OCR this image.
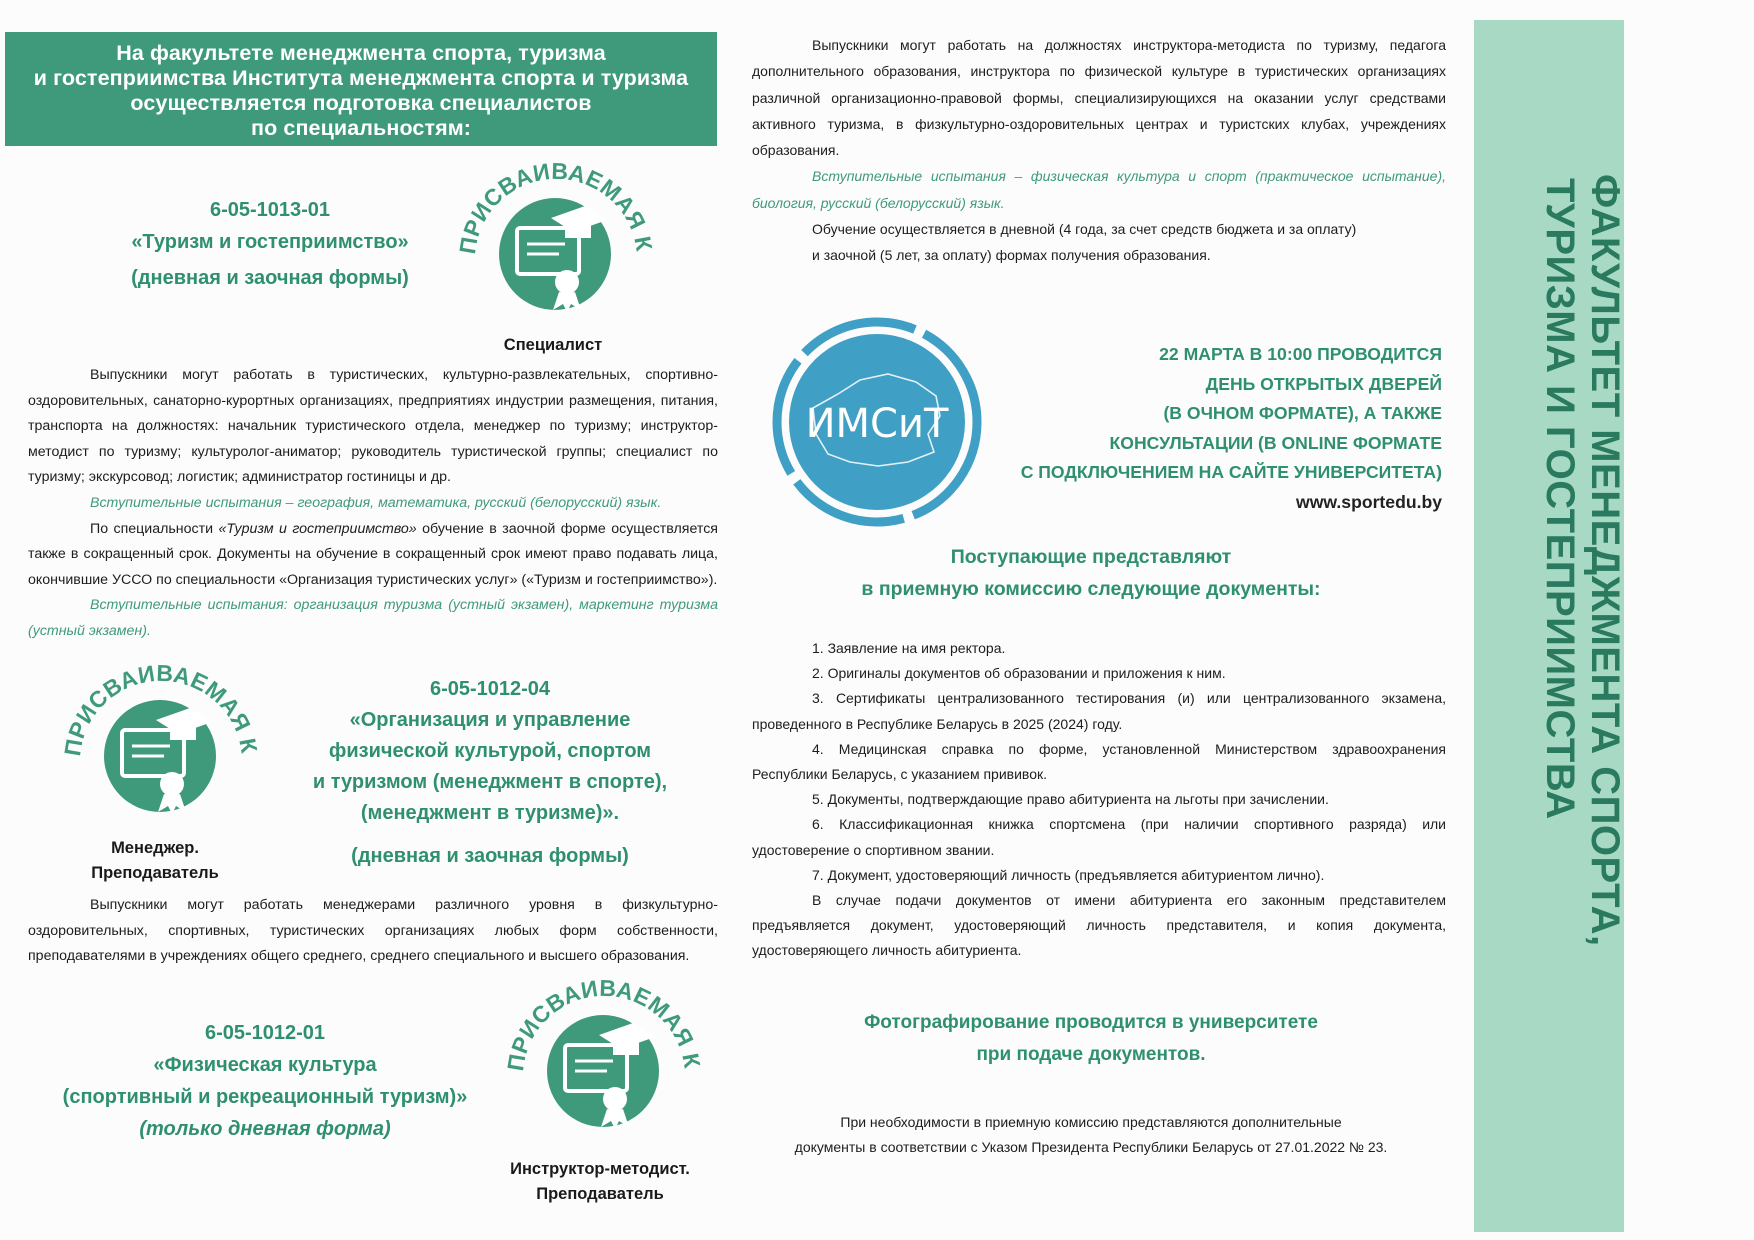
На факультете менеджмента спорта, туризма
и гостеприимства Института менеджмента спорта и туризма
осуществляется подготовка специалистов
по специальностям:
6-05-1013-01
«Туризм и гостеприимство»
(дневная и заочная формы)
ПРИСВАИВАЕМАЯ К
Специалист

Выпускники могут работать в туристических, культурно-развлекательных, спортивно-оздоровительных, санаторно-курортных организациях, предприятиях индустрии размещения, питания, транспорта на должностях: начальник туристического отдела, менеджер по туризму; инструктор-методист по туризму; культуролог-аниматор; руководитель туристической группы; специалист по туризму; экскурсовод; логистик; администратор гостиницы и др.

Вступительные испытания – география, математика, русский (белорусский) язык.

По специальности «Туризм и гостеприимство» обучение в заочной форме осуществляется также в сокращенный срок. Документы на обучение в сокращенный срок имеют право подавать лица, окончившие УССО по специальности «Организация туристических услуг» («Туризм и гостеприимство»).

Вступительные испытания: организация туризма (устный экзамен), маркетинг туризма (устный экзамен).

ПРИСВАИВАЕМАЯ К
Менеджер.
Преподаватель
6-05-1012-04
«Организация и управление
физической культурой, спортом
и туризмом (менеджмент в спорте),
(менеджмент в туризме)».
(дневная и заочная формы)

Выпускники могут работать менеджерами различного уровня в физкультурно-оздоровительных, спортивных, туристических организациях любых форм собственности, преподавателями в учреждениях общего среднего, среднего специального и высшего образования.

6-05-1012-01
«Физическая культура
(спортивный и рекреационный туризм)»
(только дневная форма)
ПРИСВАИВАЕМАЯ К
Инструктор-методист.
Преподаватель

Выпускники могут работать на должностях инструктора-методиста по туризму, педагога дополнительного образования, инструктора по физической культуре в туристических организациях различной организационно-правовой формы, специализирующихся на оказании услуг средствами активного туризма, в физкультурно-оздоровительных центрах и туристских клубах, учреждениях образования.

Вступительные испытания – физическая культура и спорт (практическое испытание), биология, русский (белорусский) язык.

Обучение осуществляется в дневной (4 года, за счет средств бюджета и за оплату)
и заочной (5 лет, за оплату) формах получения образования.

ИМСиТ
22 МАРТА В 10:00 ПРОВОДИТСЯ
ДЕНЬ ОТКРЫТЫХ ДВЕРЕЙ
(В ОЧНОМ ФОРМАТЕ), А ТАКЖЕ
КОНСУЛЬТАЦИИ (В ONLINE ФОРМАТЕ
С ПОДКЛЮЧЕНИЕМ НА САЙТЕ УНИВЕРСИТЕТА)
www.sportedu.by
Поступающие представляют
в приемную комиссию следующие документы:

1. Заявление на имя ректора.

2. Оригиналы документов об образовании и приложения к ним.

3. Сертификаты централизованного тестирования (и) или централизованного экзамена, проведенного в Республике Беларусь в 2025 (2024) году.

4. Медицинская справка по форме, установленной Министерством здравоохранения Республики Беларусь, с указанием прививок.

5. Документы, подтверждающие право абитуриента на льготы при зачислении.

6. Классификационная книжка спортсмена (при наличии спортивного разряда) или удостоверение о спортивном звании.

7. Документ, удостоверяющий личность (предъявляется абитуриентом лично).

В случае подачи документов от имени абитуриента его законным представителем предъявляется документ, удостоверяющий личность представителя, и копия документа, удостоверяющего личность абитуриента.

Фотографирование проводится в университете
при подаче документов.
При необходимости в приемную комиссию представляются дополнительные
документы в соответствии с Указом Президента Республики Беларусь от 27.01.2022 № 23.
ФАКУЛЬТЕТ МЕНЕДЖМЕНТА СПОРТА,
ТУРИЗМА И ГОСТЕПРИИМСТВА
